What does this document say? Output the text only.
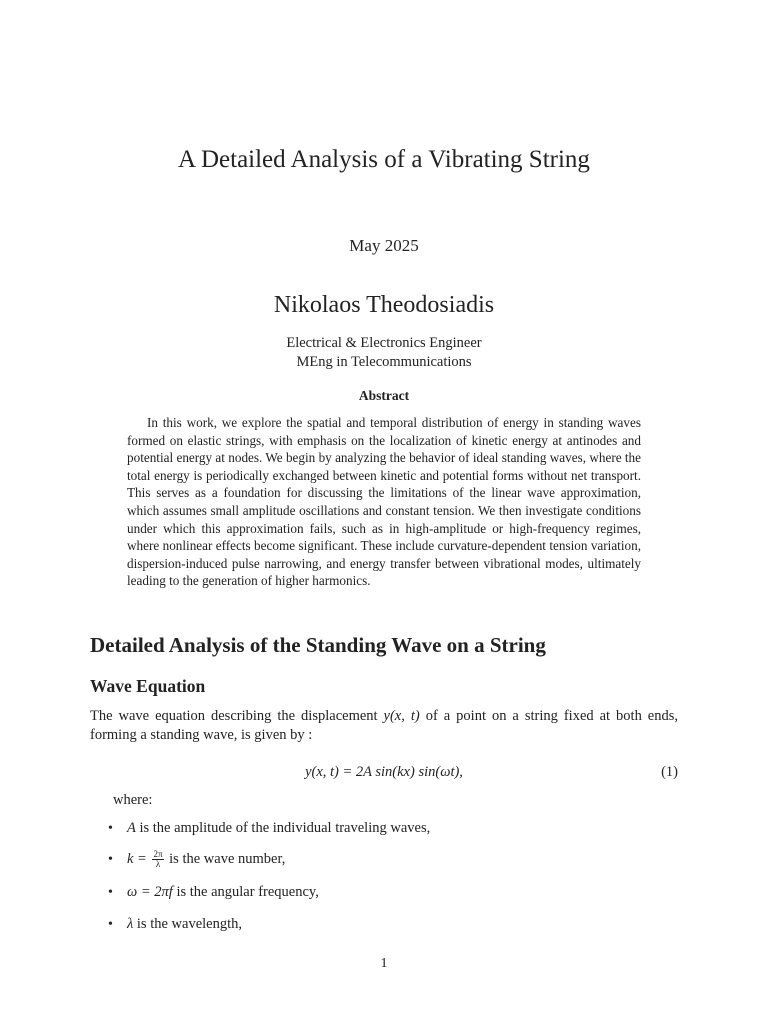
A Detailed Analysis of a Vibrating String
May 2025
Nikolaos Theodosiadis
Electrical & Electronics Engineer
MEng in Telecommunications
Abstract
In this work, we explore the spatial and temporal distribution of energy in standing waves formed on elastic strings, with emphasis on the localization of kinetic energy at antinodes and potential energy at nodes. We begin by analyzing the behavior of ideal standing waves, where the total energy is periodically exchanged between kinetic and potential forms without net transport. This serves as a foundation for discussing the limitations of the linear wave approximation, which assumes small amplitude oscillations and constant tension. We then investigate conditions under which this approximation fails, such as in high-amplitude or high-frequency regimes, where nonlinear effects become significant. These include curvature-dependent tension variation, dispersion-induced pulse narrowing, and energy transfer between vibrational modes, ultimately leading to the generation of higher harmonics.
Detailed Analysis of the Standing Wave on a String
Wave Equation
The wave equation describing the displacement y(x, t) of a point on a string fixed at both ends, forming a standing wave, is given by :
y(x, t) = 2A sin(kx) sin(ωt),	(1)
where:
• A is the amplitude of the individual traveling waves,
• $k = \frac{2\pi}{\lambda}$ is the wave number,
• ω = 2πf is the angular frequency,
• λ is the wavelength,
1
